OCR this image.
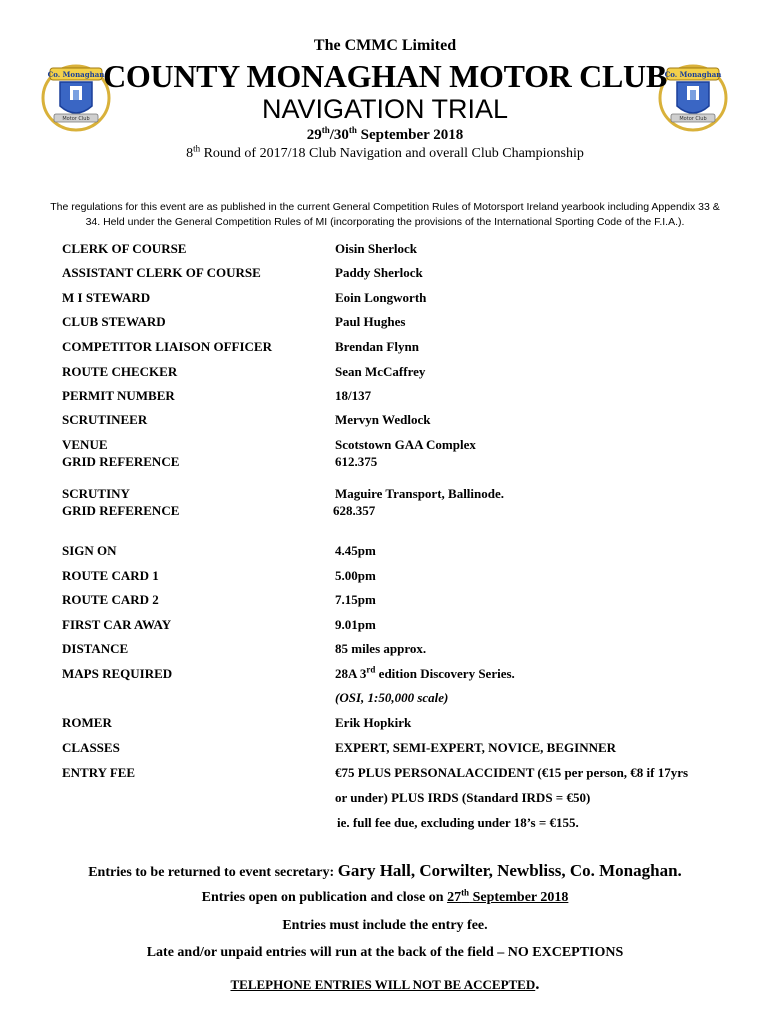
Co. Monaghan
Motor Club
Co. Monaghan
Motor Club
The CMMC Limited
COUNTY MONAGHAN MOTOR CLUB
NAVIGATION TRIAL
29th/30th September 2018
8th Round of 2017/18 Club Navigation and overall Club Championship
The regulations for this event are as published in the current General Competition Rules of Motorsport Ireland yearbook including Appendix 33 & 34. Held under the General Competition Rules of MI (incorporating the provisions of the International Sporting Code of the F.I.A.).
CLERK OF COURSE	Oisin Sherlock
ASSISTANT CLERK OF COURSE	Paddy Sherlock
M I STEWARD	Eoin Longworth
CLUB STEWARD	Paul Hughes
COMPETITOR LIAISON OFFICER	Brendan Flynn
ROUTE CHECKER	Sean McCaffrey
PERMIT NUMBER	18/137
SCRUTINEER	Mervyn Wedlock
VENUE	Scotstown GAA Complex
GRID REFERENCE	612.375
SCRUTINY	Maguire Transport, Ballinode.
GRID REFERENCE	628.357
SIGN ON	4.45pm
ROUTE CARD 1	5.00pm
ROUTE CARD 2	7.15pm
FIRST CAR AWAY	9.01pm
DISTANCE	85 miles approx.
MAPS REQUIRED	28A 3rd edition Discovery Series.
(OSI, 1:50,000 scale)
ROMER	Erik Hopkirk
CLASSES	EXPERT, SEMI-EXPERT, NOVICE, BEGINNER
ENTRY FEE	€75 PLUS PERSONALACCIDENT (€15 per person, €8 if 17yrs
or under) PLUS IRDS (Standard IRDS = €50)
ie. full fee due, excluding under 18’s = €155.
Entries to be returned to event secretary: Gary Hall, Corwilter, Newbliss, Co. Monaghan.
Entries open on publication and close on 27th September 2018
Entries must include the entry fee.
Late and/or unpaid entries will run at the back of the field – NO EXCEPTIONS
TELEPHONE ENTRIES WILL NOT BE ACCEPTED.
